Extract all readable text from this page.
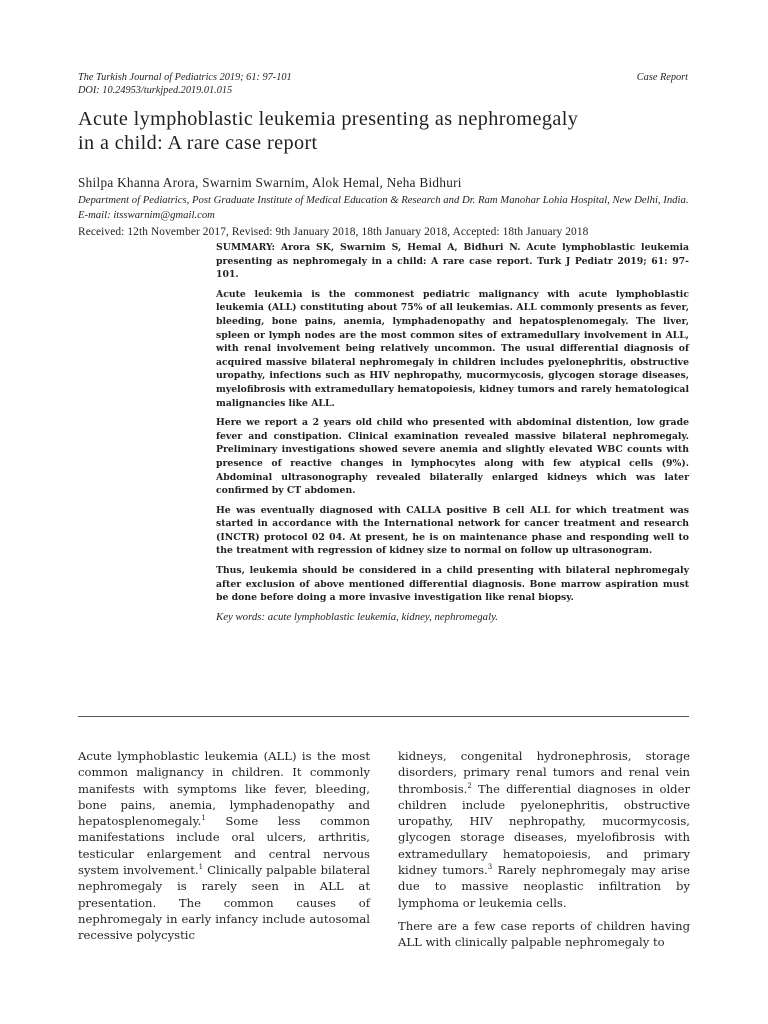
The Turkish Journal of Pediatrics 2019; 61: 97-101
DOI: 10.24953/turkjped.2019.01.015
Case Report
Acute lymphoblastic leukemia presenting as nephromegaly
in a child: A rare case report
Shilpa Khanna Arora, Swarnim Swarnim, Alok Hemal, Neha Bidhuri
Department of Pediatrics, Post Graduate Institute of Medical Education & Research and Dr. Ram Manohar Lohia Hospital, New Delhi, India. E-mail: itsswarnim@gmail.com
Received: 12th November 2017, Revised: 9th January 2018, 18th January 2018, Accepted: 18th January 2018

SUMMARY: Arora SK, Swarnim S, Hemal A, Bidhuri N. Acute lymphoblastic leukemia presenting as nephromegaly in a child: A rare case report. Turk J Pediatr 2019; 61: 97-101.

Acute leukemia is the commonest pediatric malignancy with acute lymphoblastic leukemia (ALL) constituting about 75% of all leukemias. ALL commonly presents as fever, bleeding, bone pains, anemia, lymphadenopathy and hepatosplenomegaly. The liver, spleen or lymph nodes are the most common sites of extramedullary involvement in ALL, with renal involvement being relatively uncommon. The usual differential diagnosis of acquired massive bilateral nephromegaly in children includes pyelonephritis, obstructive uropathy, infections such as HIV nephropathy, mucormycosis, glycogen storage diseases, myelofibrosis with extramedullary hematopoiesis, kidney tumors and rarely hematological malignancies like ALL.

Here we report a 2 years old child who presented with abdominal distention, low grade fever and constipation. Clinical examination revealed massive bilateral nephromegaly. Preliminary investigations showed severe anemia and slightly elevated WBC counts with presence of reactive changes in lymphocytes along with few atypical cells (9%). Abdominal ultrasonography revealed bilaterally enlarged kidneys which was later confirmed by CT abdomen.

He was eventually diagnosed with CALLA positive B cell ALL for which treatment was started in accordance with the International network for cancer treatment and research (INCTR) protocol 02 04. At present, he is on maintenance phase and responding well to the treatment with regression of kidney size to normal on follow up ultrasonogram.

Thus, leukemia should be considered in a child presenting with bilateral nephromegaly after exclusion of above mentioned differential diagnosis. Bone marrow aspiration must be done before doing a more invasive investigation like renal biopsy.

Key words: acute lymphoblastic leukemia, kidney, nephromegaly.

Acute lymphoblastic leukemia (ALL) is the most common malignancy in children. It commonly manifests with symptoms like fever, bleeding, bone pains, anemia, lymphadenopathy and hepatosplenomegaly.$^1$ Some less common manifestations include oral ulcers, arthritis, testicular enlargement and central nervous system involvement.$^1$ Clinically palpable bilateral nephromegaly is rarely seen in ALL at presentation. The common causes of nephromegaly in early infancy include autosomal recessive polycystic

kidneys, congenital hydronephrosis, storage disorders, primary renal tumors and renal vein thrombosis.$^2$ The differential diagnoses in older children include pyelonephritis, obstructive uropathy, HIV nephropathy, mucormycosis, glycogen storage diseases, myelofibrosis with extramedullary hematopoiesis, and primary kidney tumors.$^3$ Rarely nephromegaly may arise due to massive neoplastic infiltration by lymphoma or leukemia cells.

There are a few case reports of children having ALL with clinically palpable nephromegaly to
